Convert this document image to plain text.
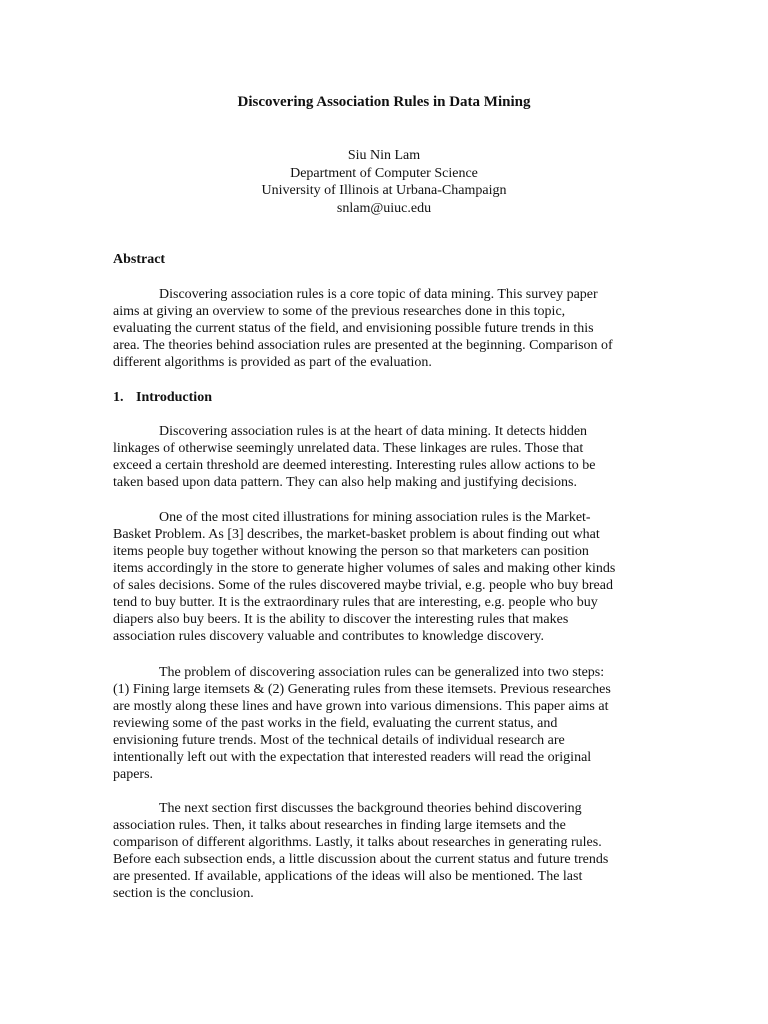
Discovering Association Rules in Data Mining
Siu Nin Lam
Department of Computer Science
University of Illinois at Urbana-Champaign
snlam@uiuc.edu
Abstract
Discovering association rules is a core topic of data mining. This survey paper
aims at giving an overview to some of the previous researches done in this topic,
evaluating the current status of the field, and envisioning possible future trends in this
area. The theories behind association rules are presented at the beginning. Comparison of
different algorithms is provided as part of the evaluation.
1. Introduction
Discovering association rules is at the heart of data mining. It detects hidden
linkages of otherwise seemingly unrelated data. These linkages are rules. Those that
exceed a certain threshold are deemed interesting. Interesting rules allow actions to be
taken based upon data pattern. They can also help making and justifying decisions.
One of the most cited illustrations for mining association rules is the Market-
Basket Problem. As [3] describes, the market-basket problem is about finding out what
items people buy together without knowing the person so that marketers can position
items accordingly in the store to generate higher volumes of sales and making other kinds
of sales decisions. Some of the rules discovered maybe trivial, e.g. people who buy bread
tend to buy butter. It is the extraordinary rules that are interesting, e.g. people who buy
diapers also buy beers. It is the ability to discover the interesting rules that makes
association rules discovery valuable and contributes to knowledge discovery.
The problem of discovering association rules can be generalized into two steps:
(1) Fining large itemsets & (2) Generating rules from these itemsets. Previous researches
are mostly along these lines and have grown into various dimensions. This paper aims at
reviewing some of the past works in the field, evaluating the current status, and
envisioning future trends. Most of the technical details of individual research are
intentionally left out with the expectation that interested readers will read the original
papers.
The next section first discusses the background theories behind discovering
association rules. Then, it talks about researches in finding large itemsets and the
comparison of different algorithms. Lastly, it talks about researches in generating rules.
Before each subsection ends, a little discussion about the current status and future trends
are presented. If available, applications of the ideas will also be mentioned. The last
section is the conclusion.
